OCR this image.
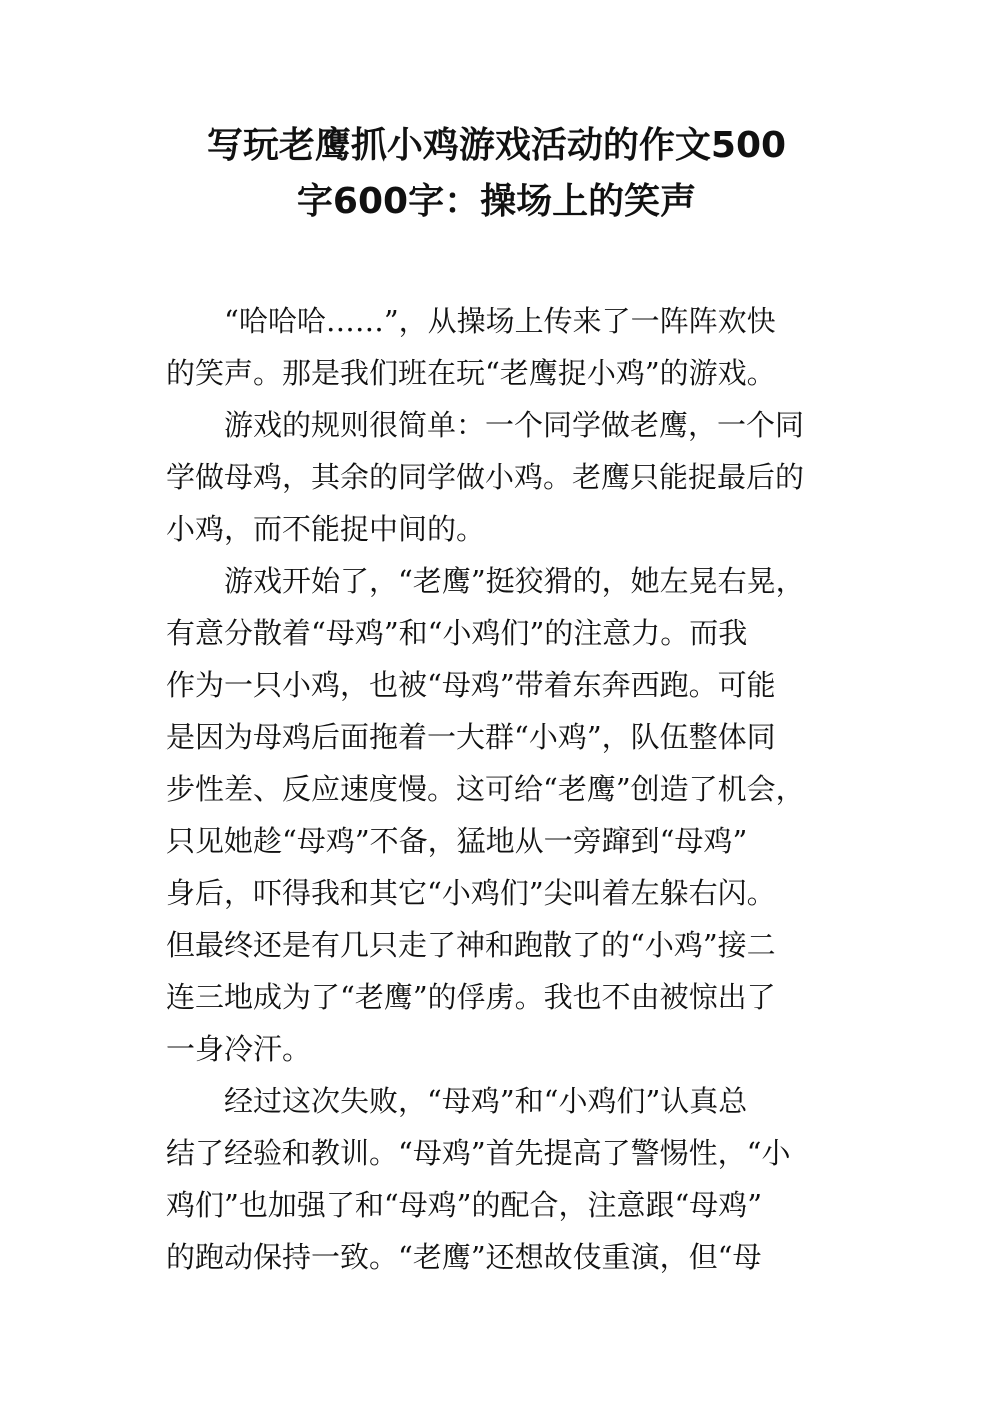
写玩老鹰抓小鸡游戏活动的作文500
字600字：操场上的笑声
“哈哈哈……”，从操场上传来了一阵阵欢快
的笑声。那是我们班在玩“老鹰捉小鸡”的游戏。
游戏的规则很简单：一个同学做老鹰，一个同
学做母鸡，其余的同学做小鸡。老鹰只能捉最后的
小鸡，而不能捉中间的。
游戏开始了，“老鹰”挺狡猾的，她左晃右晃，
有意分散着“母鸡”和“小鸡们”的注意力。而我
作为一只小鸡，也被“母鸡”带着东奔西跑。可能
是因为母鸡后面拖着一大群“小鸡”，队伍整体同
步性差、反应速度慢。这可给“老鹰”创造了机会，
只见她趁“母鸡”不备，猛地从一旁蹿到“母鸡”
身后，吓得我和其它“小鸡们”尖叫着左躲右闪。
但最终还是有几只走了神和跑散了的“小鸡”接二
连三地成为了“老鹰”的俘虏。我也不由被惊出了
一身冷汗。
经过这次失败，“母鸡”和“小鸡们”认真总
结了经验和教训。“母鸡”首先提高了警惕性，“小
鸡们”也加强了和“母鸡”的配合，注意跟“母鸡”
的跑动保持一致。“老鹰”还想故伎重演，但“母
